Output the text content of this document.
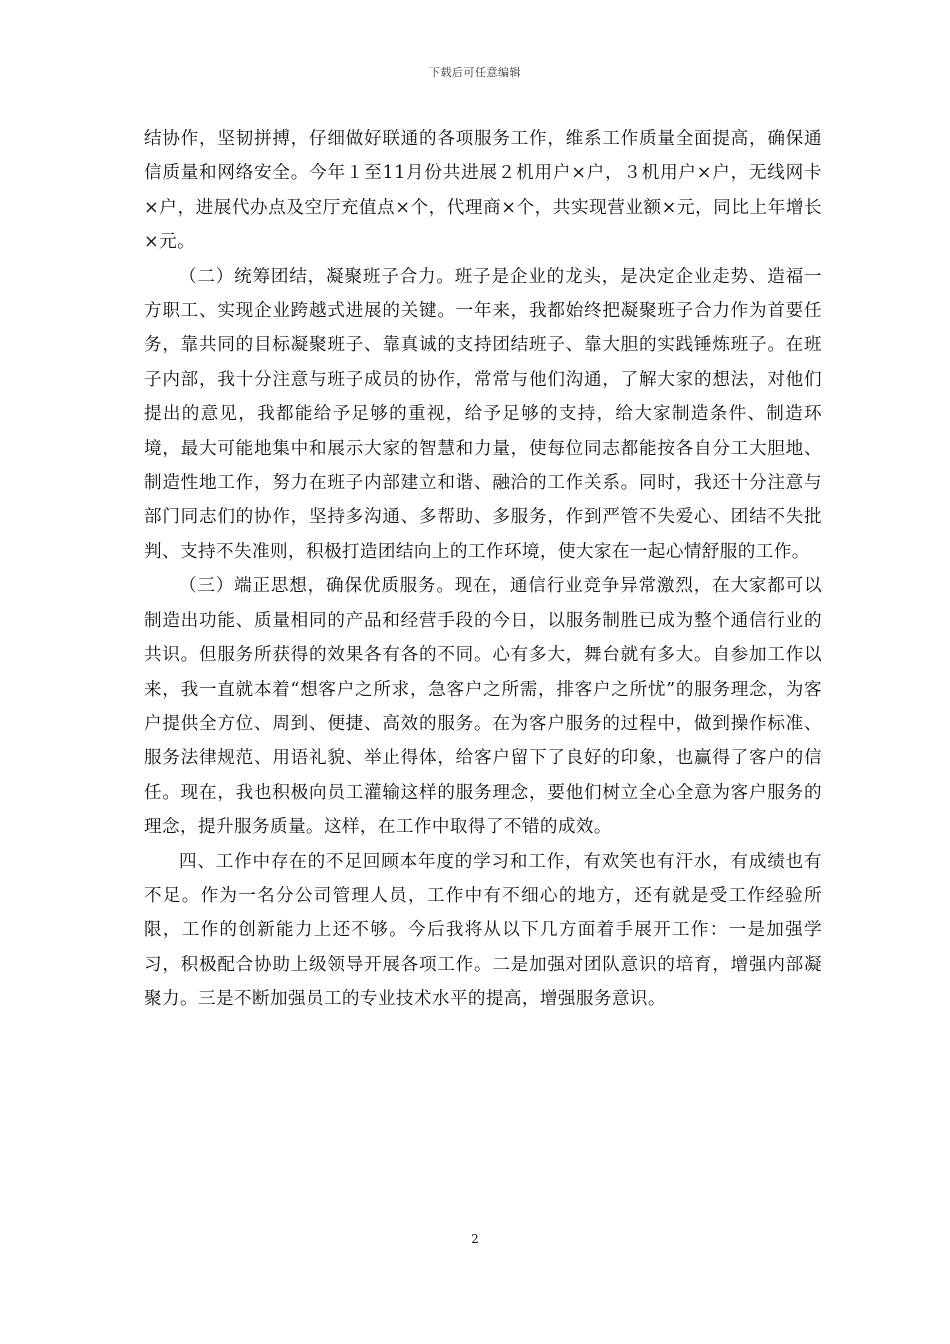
下载后可任意编辑

结协作，坚韧拼搏，仔细做好联通的各项服务工作，维系工作质量全面提高，确保通信质量和网络安全。今年１至11月份共进展２机用户×户，３机用户×户，无线网卡×户，进展代办点及空厅充值点×个，代理商×个，共实现营业额×元，同比上年增长×元。

（二）统筹团结，凝聚班子合力。班子是企业的龙头，是决定企业走势、造福一方职工、实现企业跨越式进展的关键。一年来，我都始终把凝聚班子合力作为首要任务，靠共同的目标凝聚班子、靠真诚的支持团结班子、靠大胆的实践锤炼班子。在班子内部，我十分注意与班子成员的协作，常常与他们沟通，了解大家的想法，对他们提出的意见，我都能给予足够的重视，给予足够的支持，给大家制造条件、制造环境，最大可能地集中和展示大家的智慧和力量，使每位同志都能按各自分工大胆地、制造性地工作，努力在班子内部建立和谐、融洽的工作关系。同时，我还十分注意与部门同志们的协作，坚持多沟通、多帮助、多服务，作到严管不失爱心、团结不失批判、支持不失准则，积极打造团结向上的工作环境，使大家在一起心情舒服的工作。

（三）端正思想，确保优质服务。现在，通信行业竞争异常激烈，在大家都可以制造出功能、质量相同的产品和经营手段的今日，以服务制胜已成为整个通信行业的共识。但服务所获得的效果各有各的不同。心有多大，舞台就有多大。自参加工作以来，我一直就本着“想客户之所求，急客户之所需，排客户之所忧”的服务理念，为客户提供全方位、周到、便捷、高效的服务。在为客户服务的过程中，做到操作标准、服务法律规范、用语礼貌、举止得体，给客户留下了良好的印象，也赢得了客户的信任。现在，我也积极向员工灌输这样的服务理念，要他们树立全心全意为客户服务的理念，提升服务质量。这样，在工作中取得了不错的成效。

四、工作中存在的不足回顾本年度的学习和工作，有欢笑也有汗水，有成绩也有不足。作为一名分公司管理人员，工作中有不细心的地方，还有就是受工作经验所限，工作的创新能力上还不够。今后我将从以下几方面着手展开工作：一是加强学习，积极配合协助上级领导开展各项工作。二是加强对团队意识的培育，增强内部凝聚力。三是不断加强员工的专业技术水平的提高，增强服务意识。

2
